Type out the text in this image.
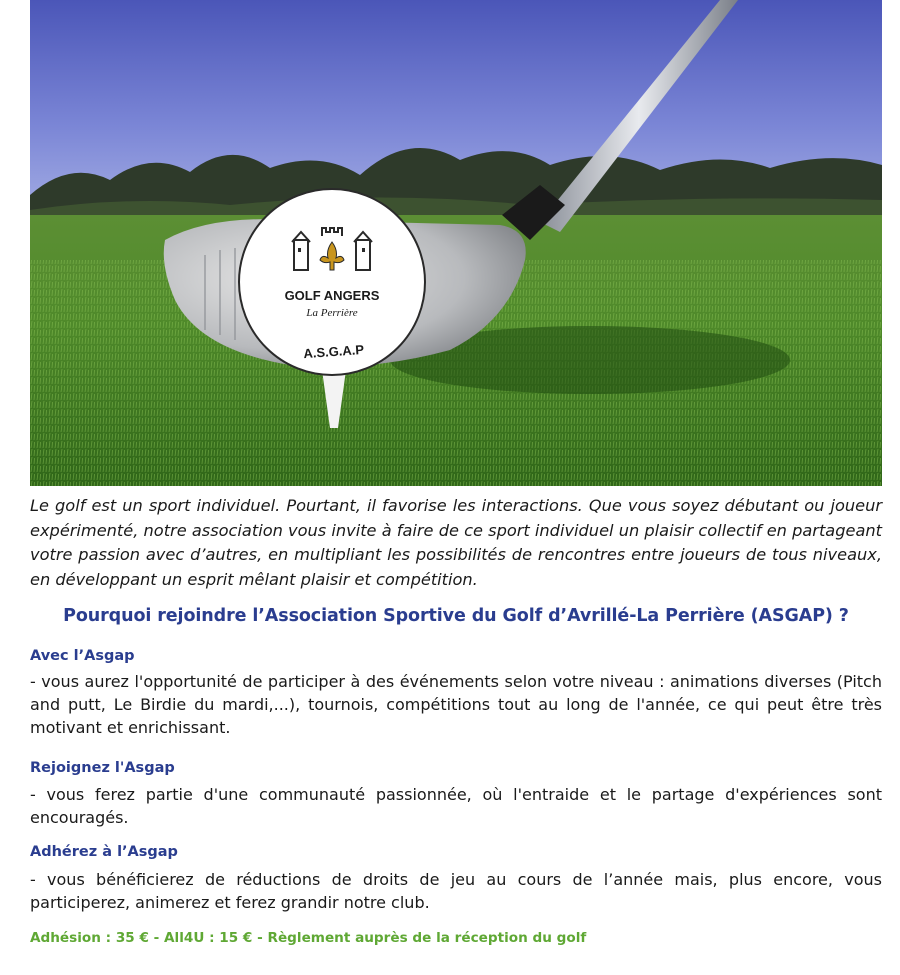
GOLF ANGERS
La Perrière
A.S.G.A.P

Le golf est un sport individuel. Pourtant, il favorise les interactions. Que vous soyez débutant ou joueur expérimenté, notre association vous invite à faire de ce sport individuel un plaisir collectif en partageant votre passion avec d’autres, en multipliant les possibilités de rencontres entre joueurs de tous niveaux, en développant un esprit mêlant plaisir et compétition.

Pourquoi rejoindre l’Association Sportive du Golf d’Avrillé-La Perrière (ASGAP) ?
Avec l’Asgap

- vous aurez l'opportunité de participer à des événements selon votre niveau : animations diverses (Pitch and putt, Le Birdie du mardi,...), tournois, compétitions tout au long de l'année, ce qui peut être très motivant et enrichissant.

Rejoignez l'Asgap

- vous ferez partie d'une communauté passionnée, où l'entraide et le partage d'expériences sont encouragés.

Adhérez à l’Asgap

- vous bénéficierez de réductions de droits de jeu au cours de l’année mais, plus encore, vous participerez, animerez et ferez grandir notre club.

Adhésion : 35 € - All4U : 15 € - Règlement auprès de la réception du golf
